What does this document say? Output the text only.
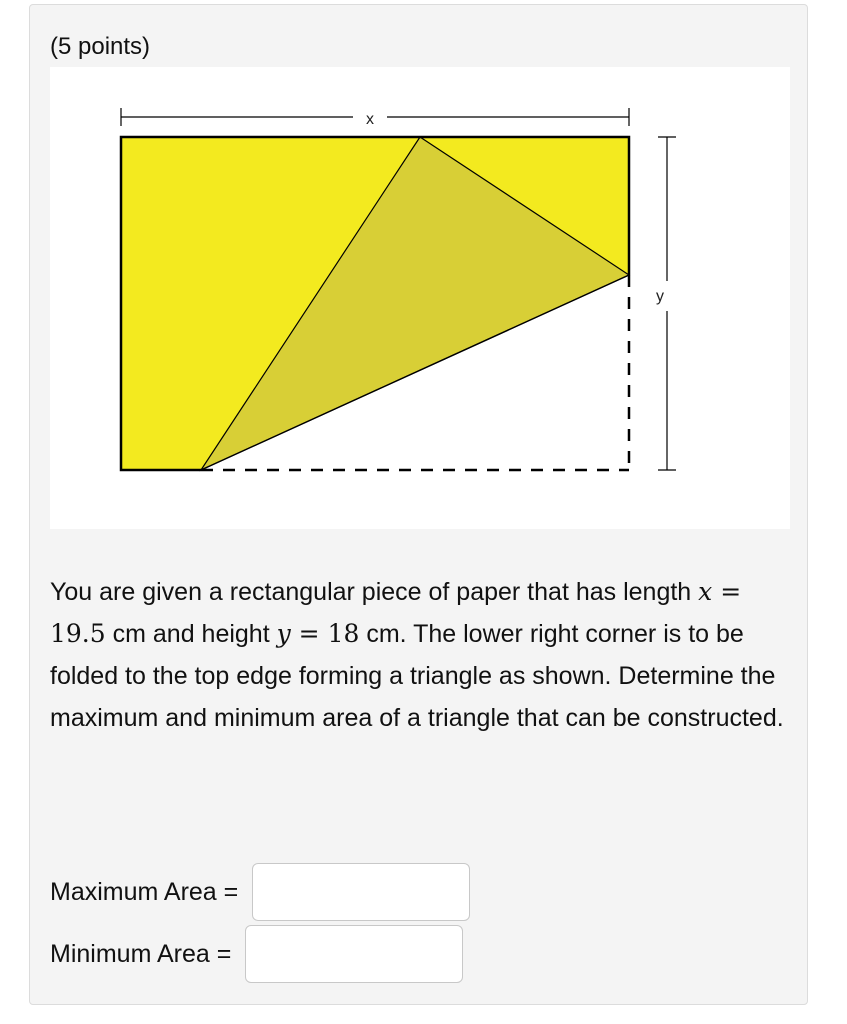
(5 points)
x
y
You are given a rectangular piece of paper that has length x = 19.5 cm and height y = 18 cm. The lower right corner is to be folded to the top edge forming a triangle as shown. Determine the maximum and minimum area of a triangle that can be constructed.
Maximum Area =
Minimum Area =
